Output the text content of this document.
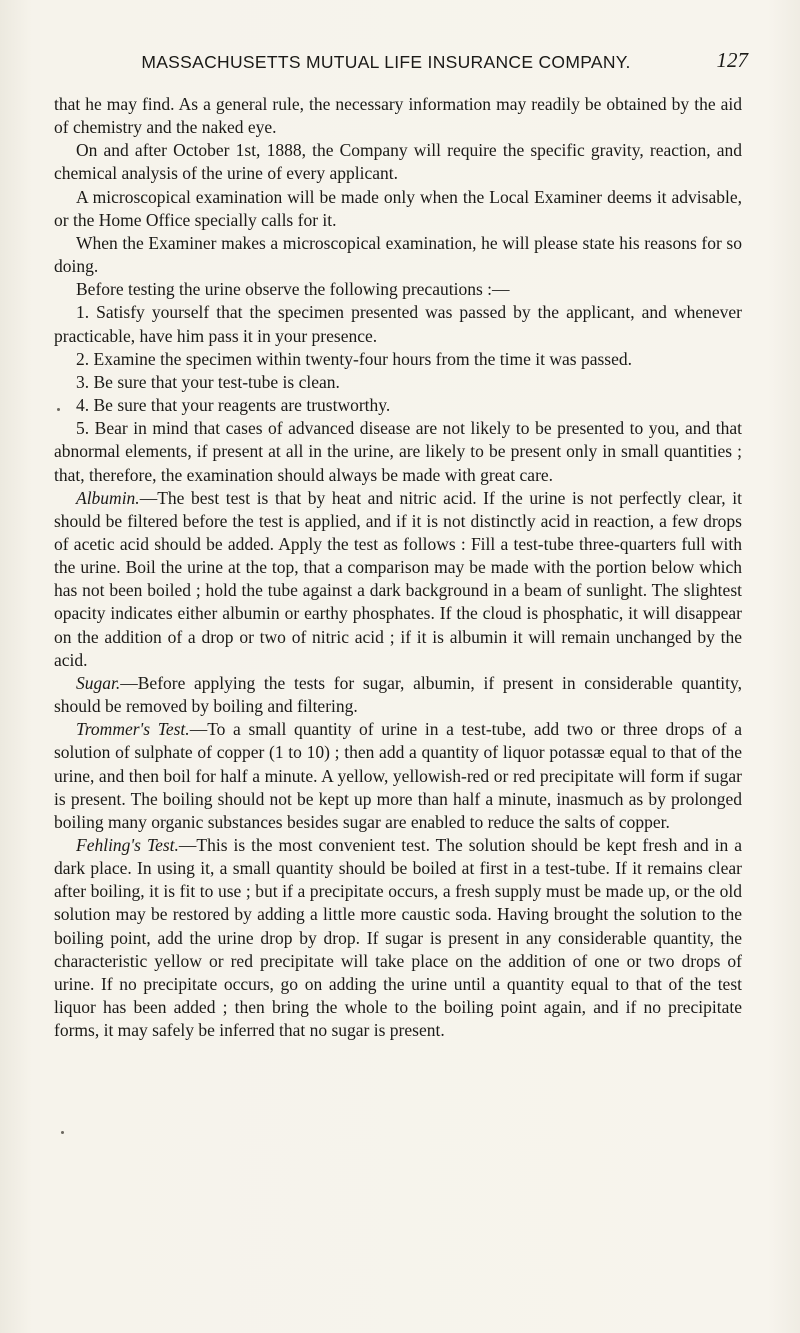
MASSACHUSETTS MUTUAL LIFE INSURANCE COMPANY.	127

that he may find. As a general rule, the necessary information may readily be obtained by the aid of chemistry and the naked eye.

On and after October 1st, 1888, the Company will require the specific gravity, reaction, and chemical analysis of the urine of every applicant.

A microscopical examination will be made only when the Local Examiner deems it advisable, or the Home Office specially calls for it.

When the Examiner makes a microscopical examination, he will please state his reasons for so doing.

Before testing the urine observe the following precautions :—

1. Satisfy yourself that the specimen presented was passed by the applicant, and whenever practicable, have him pass it in your presence.

2. Examine the specimen within twenty-four hours from the time it was passed.

3. Be sure that your test-tube is clean.

4. Be sure that your reagents are trustworthy.

5. Bear in mind that cases of advanced disease are not likely to be presented to you, and that abnormal elements, if present at all in the urine, are likely to be present only in small quantities ; that, therefore, the examination should always be made with great care.

Albumin.—The best test is that by heat and nitric acid. If the urine is not perfectly clear, it should be filtered before the test is applied, and if it is not distinctly acid in reaction, a few drops of acetic acid should be added. Apply the test as follows : Fill a test-tube three-quarters full with the urine. Boil the urine at the top, that a comparison may be made with the portion below which has not been boiled ; hold the tube against a dark background in a beam of sunlight. The slightest opacity indicates either albumin or earthy phosphates. If the cloud is phosphatic, it will disappear on the addition of a drop or two of nitric acid ; if it is albumin it will remain unchanged by the acid.

Sugar.—Before applying the tests for sugar, albumin, if present in considerable quantity, should be removed by boiling and filtering.

Trommer's Test.—To a small quantity of urine in a test-tube, add two or three drops of a solution of sulphate of copper (1 to 10) ; then add a quantity of liquor potassæ equal to that of the urine, and then boil for half a minute. A yellow, yellowish-red or red precipitate will form if sugar is present. The boiling should not be kept up more than half a minute, inasmuch as by prolonged boiling many organic substances besides sugar are enabled to reduce the salts of copper.

Fehling's Test.—This is the most convenient test. The solution should be kept fresh and in a dark place. In using it, a small quantity should be boiled at first in a test-tube. If it remains clear after boiling, it is fit to use ; but if a precipitate occurs, a fresh supply must be made up, or the old solution may be restored by adding a little more caustic soda. Having brought the solution to the boiling point, add the urine drop by drop. If sugar is present in any considerable quantity, the characteristic yellow or red precipitate will take place on the addition of one or two drops of urine. If no precipitate occurs, go on adding the urine until a quantity equal to that of the test liquor has been added ; then bring the whole to the boiling point again, and if no precipitate forms, it may safely be inferred that no sugar is present.
